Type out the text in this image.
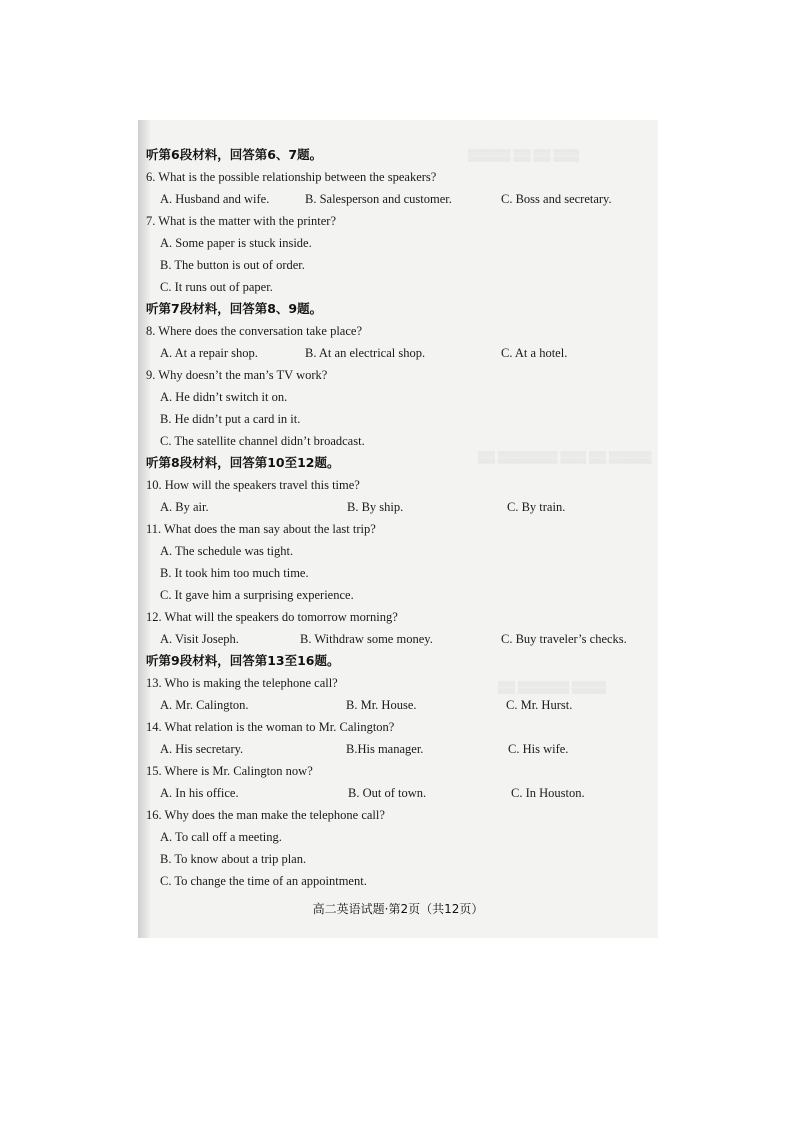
▒▒▒ ▒▒ ▒▒ ▒▒▒▒▒
▒▒▒▒▒ ▒▒ ▒▒▒ ▒▒▒▒▒▒▒ ▒▒
▒▒▒▒ ▒▒▒▒▒▒ ▒▒
听第6段材料，回答第6、7题。
6. What is the possible relationship between the speakers?
A. Husband and wife.	B. Salesperson and customer.	C. Boss and secretary.
7. What is the matter with the printer?
A. Some paper is stuck inside.
B. The button is out of order.
C. It runs out of paper.
听第7段材料，回答第8、9题。
8. Where does the conversation take place?
A. At a repair shop.	B. At an electrical shop.	C. At a hotel.
9. Why doesn’t the man’s TV work?
A. He didn’t switch it on.
B. He didn’t put a card in it.
C. The satellite channel didn’t broadcast.
听第8段材料，回答第10至12题。
10. How will the speakers travel this time?
A. By air.	B. By ship.	C. By train.
11. What does the man say about the last trip?
A. The schedule was tight.
B. It took him too much time.
C. It gave him a surprising experience.
12. What will the speakers do tomorrow morning?
A. Visit Joseph.	B. Withdraw some money.	C. Buy traveler’s checks.
听第9段材料，回答第13至16题。
13. Who is making the telephone call?
A. Mr. Calington.	B. Mr. House.	C. Mr. Hurst.
14. What relation is the woman to Mr. Calington?
A. His secretary.	B.His manager.	C. His wife.
15. Where is Mr. Calington now?
A. In his office.	B. Out of town.	C. In Houston.
16. Why does the man make the telephone call?
A. To call off a meeting.
B. To know about a trip plan.
C. To change the time of an appointment.
高二英语试题·第2页（共12页）
